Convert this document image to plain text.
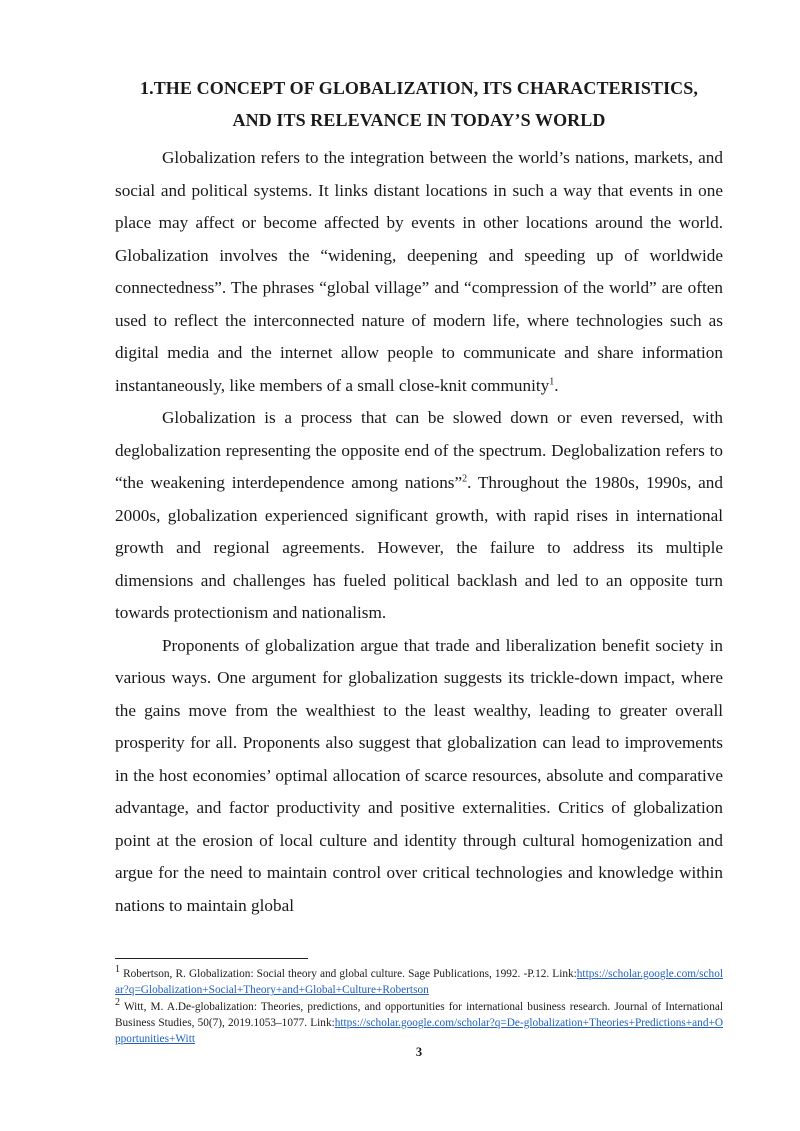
1.THE CONCEPT OF GLOBALIZATION, ITS CHARACTERISTICS,
AND ITS RELEVANCE IN TODAY’S WORLD

Globalization refers to the integration between the world’s nations, markets, and social and political systems. It links distant locations in such a way that events in one place may affect or become affected by events in other locations around the world. Globalization involves the “widening, deepening and speeding up of worldwide connectedness”. The phrases “global village” and “compression of the world” are often used to reflect the interconnected nature of modern life, where technologies such as digital media and the internet allow people to communicate and share information instantaneously, like members of a small close-knit community$^1$.

Globalization is a process that can be slowed down or even reversed, with deglobalization representing the opposite end of the spectrum. Deglobalization refers to “the weakening interdependence among nations”$^2$. Throughout the 1980s, 1990s, and 2000s, globalization experienced significant growth, with rapid rises in international growth and regional agreements. However, the failure to address its multiple dimensions and challenges has fueled political backlash and led to an opposite turn towards protectionism and nationalism.

Proponents of globalization argue that trade and liberalization benefit society in various ways. One argument for globalization suggests its trickle-down impact, where the gains move from the wealthiest to the least wealthy, leading to greater overall prosperity for all. Proponents also suggest that globalization can lead to improvements in the host economies’ optimal allocation of scarce resources, absolute and comparative advantage, and factor productivity and positive externalities. Critics of globalization point at the erosion of local culture and identity through cultural homogenization and argue for the need to maintain control over critical technologies and knowledge within nations to maintain global

$^1$ Robertson, R. Globalization: Social theory and global culture. Sage Publications, 1992. -P.12. Link:https://scholar.google.com/scholar?q=Globalization+Social+Theory+and+Global+Culture+Robertson

$^2$ Witt, M. A.De-globalization: Theories, predictions, and opportunities for international business research. Journal of International Business Studies, 50(7), 2019.1053–1077. Link:https://scholar.google.com/scholar?q=De-globalization+Theories+Predictions+and+Opportunities+Witt

3
